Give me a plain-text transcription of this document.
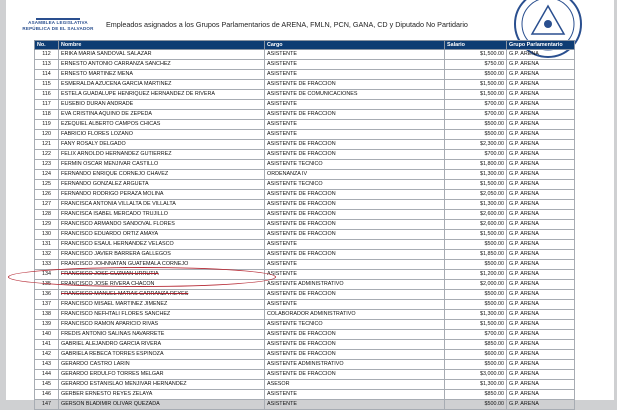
ASAMBLEA LEGISLATIVA
REPÚBLICA DE EL SALVADOR Empleados asignados a los Grupos Parlamentarios de ARENA, FMLN, PCN, GANA, CD y Diputado No Partidario
No.	Nombre	Cargo	Salario	Grupo Parlamentario
112	ERIKA MARIA SANDOVAL SALAZAR	ASISTENTE	$1,500.00	G.P. ARENA
113	ERNESTO ANTONIO CARRANZA SANCHEZ	ASISTENTE	$750.00	G.P. ARENA
114	ERNESTO MARTINEZ MENA	ASISTENTE	$500.00	G.P. ARENA
115	ESMERALDA AZUCENA GARCIA MARTINEZ	ASISTENTE DE FRACCION	$1,500.00	G.P. ARENA
116	ESTELA GUADALUPE HENRIQUEZ HERNANDEZ DE RIVERA	ASISTENTE DE COMUNICACIONES	$1,500.00	G.P. ARENA
117	EUSEBIO DURAN ANDRADE	ASISTENTE	$700.00	G.P. ARENA
118	EVA CRISTINA AQUINO DE ZEPEDA	ASISTENTE DE FRACCION	$700.00	G.P. ARENA
119	EZEQUIEL ALBERTO CAMPOS CHICAS	ASISTENTE	$500.00	G.P. ARENA
120	FABRICIO FLORES LOZANO	ASISTENTE	$500.00	G.P. ARENA
121	FANY ROSALY DELGADO	ASISTENTE DE FRACCION	$2,300.00	G.P. ARENA
122	FELIX ARNOLDO HERNANDEZ GUTIERREZ	ASISTENTE DE FRACCION	$700.00	G.P. ARENA
123	FERMIN OSCAR MENJIVAR CASTILLO	ASISTENTE TECNICO	$1,800.00	G.P. ARENA
124	FERNANDO ENRIQUE CORNEJO CHAVEZ	ORDENANZA IV	$1,300.00	G.P. ARENA
125	FERNANDO GONZALEZ ARGUETA	ASISTENTE TECNICO	$1,500.00	G.P. ARENA
126	FERNANDO RODRIGO PERAZA MOLINA	ASISTENTE DE FRACCION	$2,050.00	G.P. ARENA
127	FRANCISCA ANTONIA VILLALTA DE VILLALTA	ASISTENTE DE FRACCION	$1,300.00	G.P. ARENA
128	FRANCISCA ISABEL MERCADO TRUJILLO	ASISTENTE DE FRACCION	$2,600.00	G.P. ARENA
129	FRANCISCO ARMANDO SANDOVAL FLORES	ASISTENTE DE FRACCION	$2,600.00	G.P. ARENA
130	FRANCISCO EDUARDO ORTIZ AMAYA	ASISTENTE DE FRACCION	$1,500.00	G.P. ARENA
131	FRANCISCO ESAUL HERNANDEZ VELASCO	ASISTENTE	$500.00	G.P. ARENA
132	FRANCISCO JAVIER BARRERA GALLEGOS	ASISTENTE DE FRACCION	$1,850.00	G.P. ARENA
133	FRANCISCO JOHNNATAN GUATEMALA CORNEJO	ASISTENTE	$500.00	G.P. ARENA
134	FRANCISCO JOSE GUZMAN URRUTIA	ASISTENTE	$1,200.00	G.P. ARENA
135	FRANCISCO JOSE RIVERA CHACON	ASISTENTE ADMINISTRATIVO	$2,000.00	G.P. ARENA
136	FRANCISCO MANUEL MATIAS CARRANZA REYES	ASISTENTE DE FRACCION	$500.00	G.P. ARENA
137	FRANCISCO MISAEL MARTINEZ JIMENEZ	ASISTENTE	$500.00	G.P. ARENA
138	FRANCISCO NEFHTALI FLORES SANCHEZ	COLABORADOR ADMINISTRATIVO	$1,300.00	G.P. ARENA
139	FRANCISCO RAMON APARICIO RIVAS	ASISTENTE TECNICO	$1,500.00	G.P. ARENA
140	FREDIS ANTONIO SALINAS NAVARRETE	ASISTENTE DE FRACCION	$700.00	G.P. ARENA
141	GABRIEL ALEJANDRO GARCIA RIVERA	ASISTENTE DE FRACCION	$850.00	G.P. ARENA
142	GABRIELA REBECA TORRES ESPINOZA	ASISTENTE DE FRACCION	$600.00	G.P. ARENA
143	GERARDO CASTRO LARIN	ASISTENTE ADMINISTRATIVO	$500.00	G.P. ARENA
144	GERARDO ERDULFO TORRES MELGAR	ASISTENTE DE FRACCION	$3,000.00	G.P. ARENA
145	GERARDO ESTANISLAO MENJIVAR HERNANDEZ	ASESOR	$1,300.00	G.P. ARENA
146	GERBER ERNESTO REYES ZELAYA	ASISTENTE	$850.00	G.P. ARENA
147	GERSON BLADIMIR OLIVAR QUEZADA	ASISTENTE	$500.00	G.P. ARENA
